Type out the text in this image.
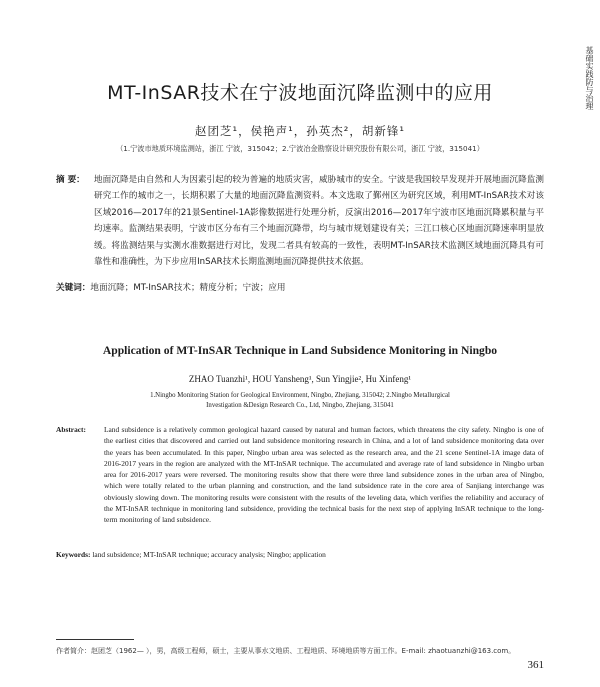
基础实践防与治理
MT-InSAR技术在宁波地面沉降监测中的应用
赵团芝¹，侯艳声¹，孙英杰²，胡新锋¹
（1.宁波市地质环境监测站，浙江 宁波，315042；2.宁波冶金勘察设计研究股份有限公司，浙江 宁波，315041）
摘 要：	地面沉降是由自然和人为因素引起的较为普遍的地质灾害，威胁城市的安全。宁波是我国较早发现并开展地面沉降监测研究工作的城市之一，长期积累了大量的地面沉降监测资料。本文选取了鄞州区为研究区域，利用MT-InSAR技术对该区域2016—2017年的21景Sentinel-1A影像数据进行处理分析，反演出2016—2017年宁波市区地面沉降累积量与平均速率。监测结果表明，宁波市区分布有三个地面沉降带，均与城市规划建设有关；三江口核心区地面沉降速率明显放缓。将监测结果与实测水准数据进行对比，发现二者具有较高的一致性，表明MT-InSAR技术监测区域地面沉降具有可靠性和准确性，为下步应用InSAR技术长期监测地面沉降提供技术依据。
关键词：地面沉降；MT-InSAR技术；精度分析；宁波；应用
Application of MT-InSAR Technique in Land Subsidence Monitoring in Ningbo
ZHAO Tuanzhi¹, HOU Yansheng¹, Sun Yingjie², Hu Xinfeng¹
1.Ningbo Monitoring Station for Geological Environment, Ningbo, Zhejiang, 315042; 2.Ningbo Metallurgical Investigation &Design Research Co., Ltd, Ningbo, Zhejiang, 315041
Abstract: Land subsidence is a relatively common geological hazard caused by natural and human factors, which threatens the city safety. Ningbo is one of the earliest cities that discovered and carried out land subsidence monitoring research in China, and a lot of land subsidence monitoring data over the years has been accumulated. In this paper, Ningbo urban area was selected as the research area, and the 21 scene Sentinel-1A image data of 2016-2017 years in the region are analyzed with the MT-InSAR technique. The accumulated and average rate of land subsidence in Ningbo urban area for 2016-2017 years were reversed. The monitoring results show that there were three land subsidence zones in the urban area of Ningbo, which were totally related to the urban planning and construction, and the land subsidence rate in the core area of Sanjiang interchange was obviously slowing down. The monitoring results were consistent with the results of the leveling data, which verifies the reliability and accuracy of the MT-InSAR technique in monitoring land subsidence, providing the technical basis for the next step of applying InSAR technique to the long-term monitoring of land subsidence.
Keywords: land subsidence; MT-InSAR technique; accuracy analysis; Ningbo; application
作者简介：赵团芝（1962— ），男，高级工程师，硕士，主要从事水文地质、工程地质、环境地质等方面工作。E-mail: zhaotuanzhi@163.com。
361
